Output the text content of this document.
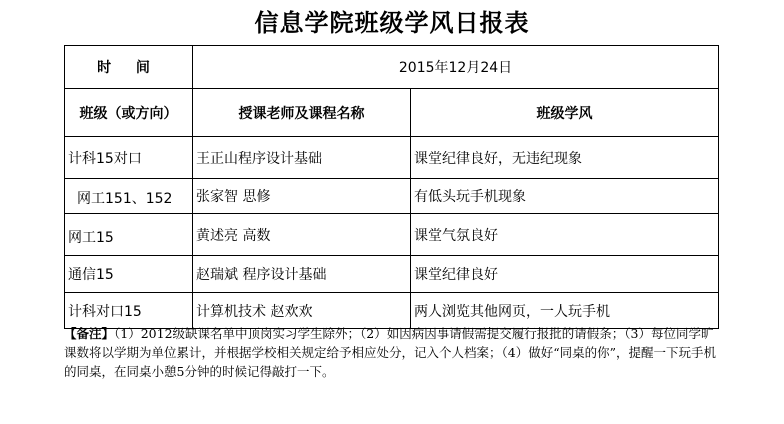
信息学院班级学风日报表
时 间	2015年12月24日	
班级（或方向）	授课老师及课程名称	班级学风
计科15对口	王正山程序设计基础	课堂纪律良好，无违纪现象
网工151、152	张家智 思修	有低头玩手机现象
网工15	黄述亮 高数	课堂气氛良好
通信15	赵瑞斌 程序设计基础	课堂纪律良好
计科对口15	计算机技术 赵欢欢	两人浏览其他网页，一人玩手机
【备注】（1）2012级缺课名单中顶岗实习学生除外；（2）如因病因事请假需提交履行报批的请假条；（3）每位同学旷课数将以学期为单位累计，并根据学校相关规定给予相应处分，记入个人档案；（4）做好“同桌的你”，提醒一下玩手机的同桌，在同桌小憩5分钟的时候记得敲打一下。
